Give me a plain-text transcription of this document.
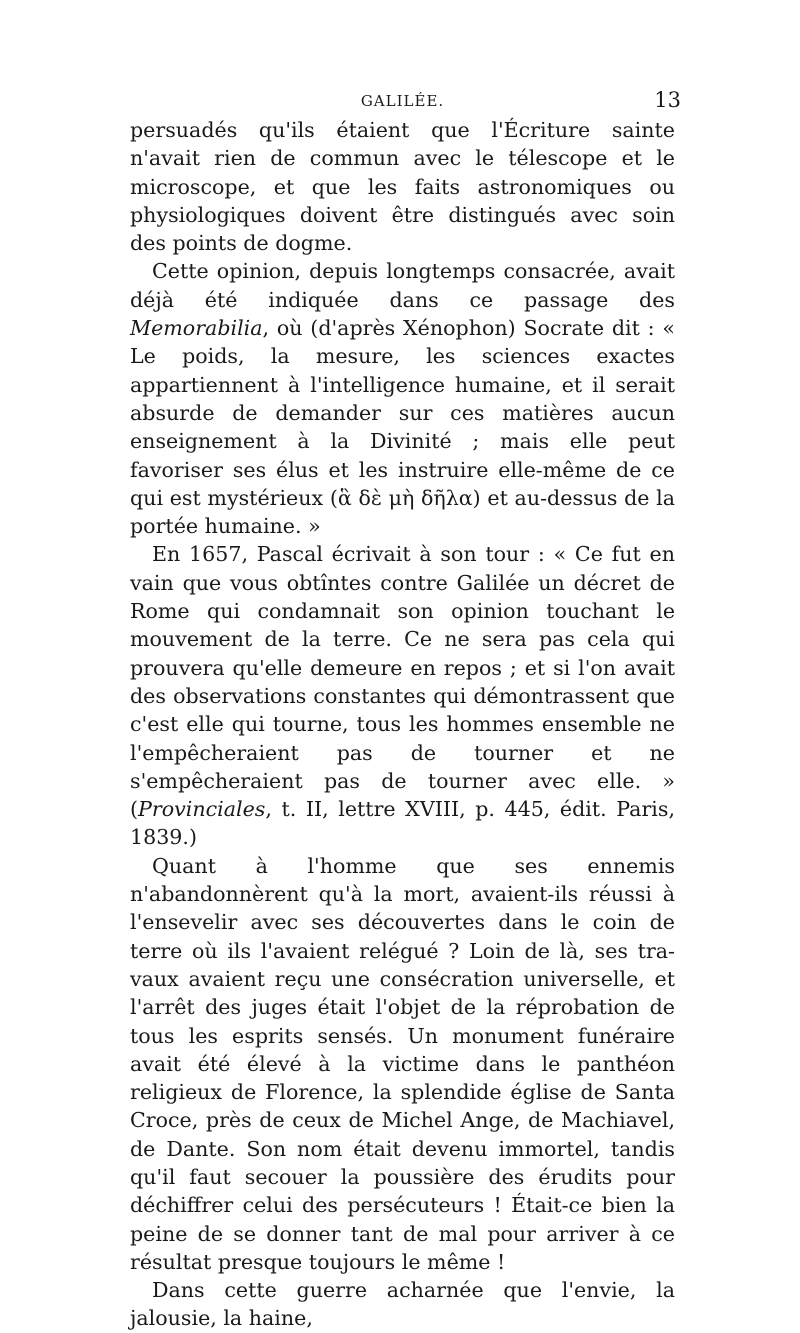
GALILÉE.	13

persuadés qu'ils étaient que l'Écriture sainte n'avait rien de commun avec le télescope et le microscope, et que les faits astronomiques ou physiologiques doivent être distingués avec soin des points de dogme.

Cette opinion, depuis longtemps consacrée, avait déjà été indiquée dans ce passage des Memorabilia, où (d'après Xénophon) Socrate dit : « Le poids, la mesure, les sciences exactes appartiennent à l'intelligence humaine, et il serait absurde de demander sur ces matières aucun enseignement à la Divinité ; mais elle peut favoriser ses élus et les instruire elle-même de ce qui est mystérieux (ἃ δὲ μὴ δῆλα) et au-dessus de la portée humaine. »

En 1657, Pascal écrivait à son tour : « Ce fut en vain que vous obtîntes contre Galilée un décret de Rome qui condamnait son opinion touchant le mouvement de la terre. Ce ne sera pas cela qui prouvera qu'elle demeure en repos ; et si l'on avait des observations constantes qui démontrassent que c'est elle qui tourne, tous les hommes ensemble ne l'empêcheraient pas de tourner et ne s'empêcheraient pas de tourner avec elle. » (Provinciales, t. II, lettre XVIII, p. 445, édit. Paris, 1839.)

Quant à l'homme que ses ennemis n'abandonnèrent qu'à la mort, avaient-ils réussi à l'ensevelir avec ses découvertes dans le coin de terre où ils l'avaient relégué ? Loin de là, ses travaux avaient reçu une consécration universelle, et l'arrêt des juges était l'objet de la réprobation de tous les esprits sensés. Un monument funéraire avait été élevé à la victime dans le panthéon religieux de Florence, la splendide église de Santa Croce, près de ceux de Michel Ange, de Machiavel, de Dante. Son nom était devenu immortel, tandis qu'il faut secouer la poussière des érudits pour déchiffrer celui des persécuteurs ! Était-ce bien la peine de se donner tant de mal pour arriver à ce résultat presque toujours le même !

Dans cette guerre acharnée que l'envie, la jalousie, la haine,
